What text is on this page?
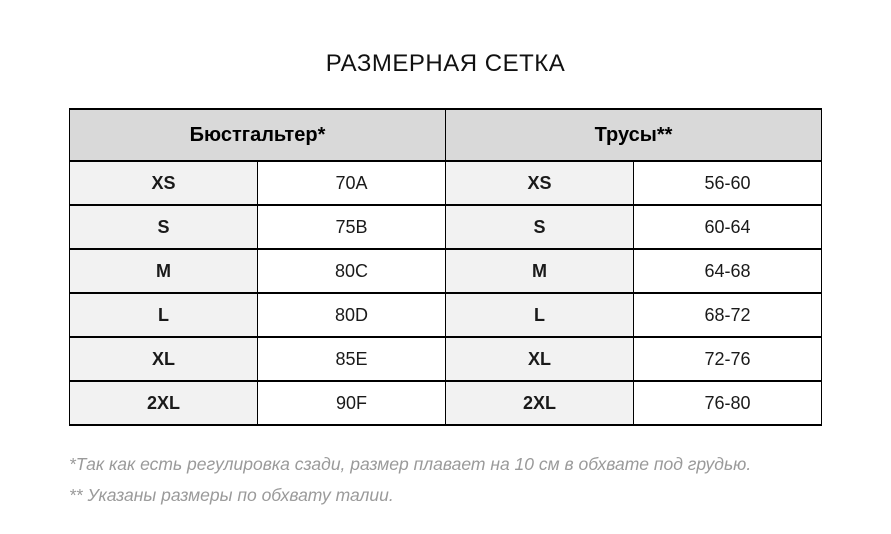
РАЗМЕРНАЯ СЕТКА
Бюстгальтер*		Трусы**	
XS	70A	XS	56-60
S	75B	S	60-64
M	80C	M	64-68
L	80D	L	68-72
XL	85E	XL	72-76
2XL	90F	2XL	76-80

*Так как есть регулировка сзади, размер плавает на 10 см в обхвате под грудью.

** Указаны размеры по обхвату талии.
